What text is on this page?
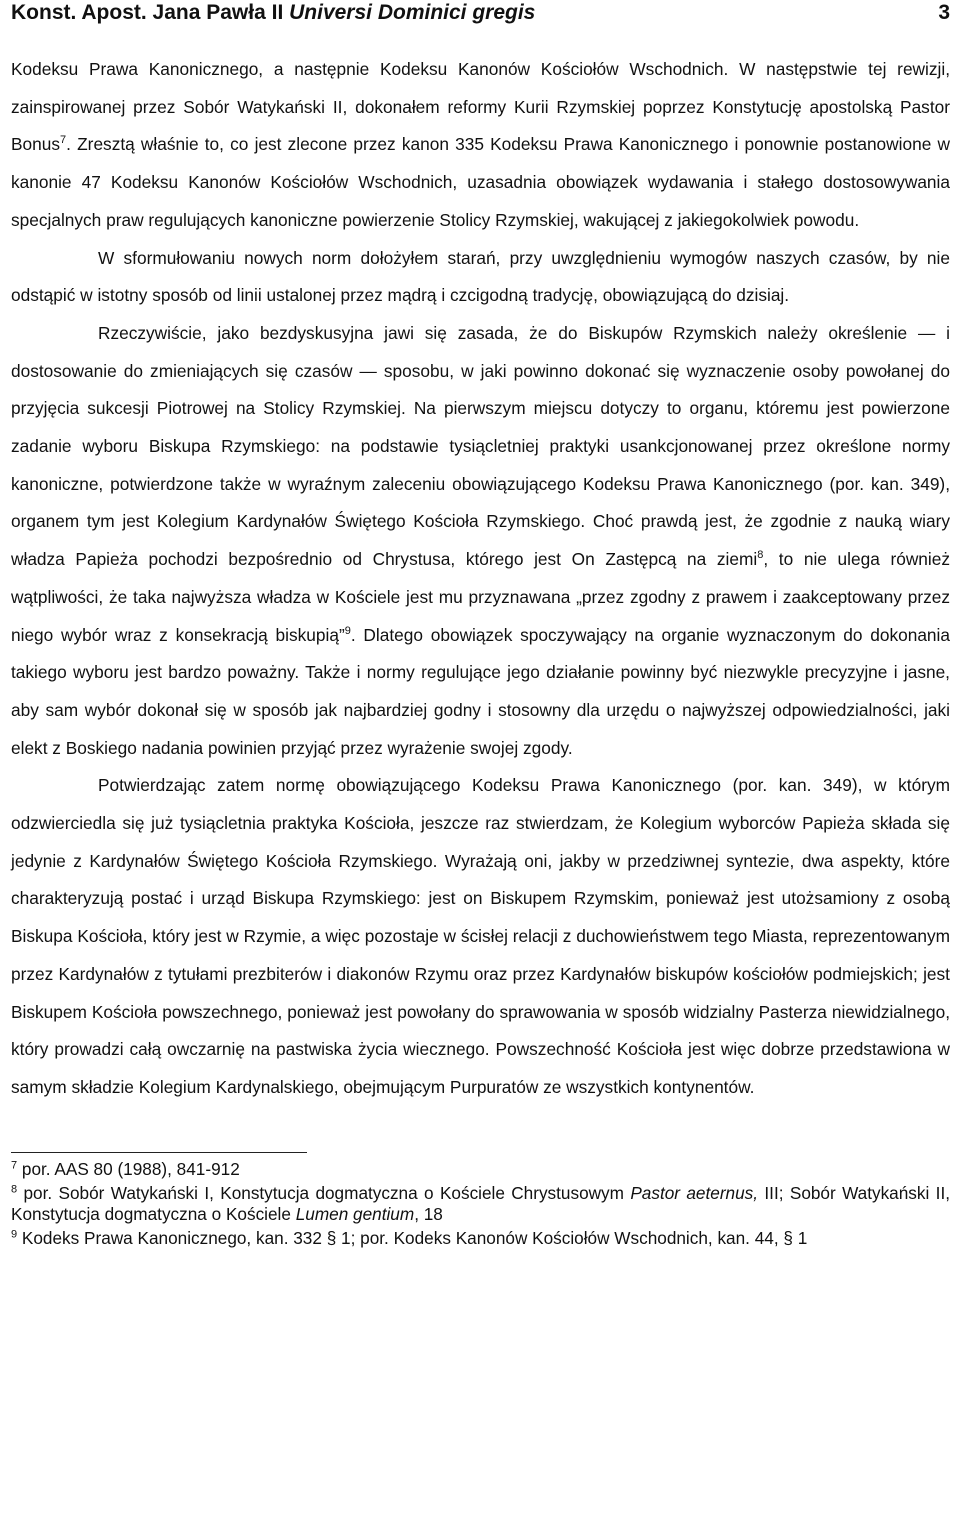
Konst. Apost. Jana Pawła II Universi Dominici gregis	3

Kodeksu Prawa Kanonicznego, a następnie Kodeksu Kanonów Kościołów Wschodnich. W następstwie tej rewizji, zainspirowanej przez Sobór Watykański II, dokonałem reformy Kurii Rzymskiej poprzez Konstytucję apostolską Pastor Bonus$^7$. Zresztą właśnie to, co jest zlecone przez kanon 335 Kodeksu Prawa Kanonicznego i ponownie postanowione w kanonie 47 Kodeksu Kanonów Kościołów Wschodnich, uzasadnia obowiązek wydawania i stałego dostosowywania specjalnych praw regulujących kanoniczne powierzenie Stolicy Rzymskiej, wakującej z jakiegokolwiek powodu.

W sformułowaniu nowych norm dołożyłem starań, przy uwzględnieniu wymogów naszych czasów, by nie odstąpić w istotny sposób od linii ustalonej przez mądrą i czcigodną tradycję, obowiązującą do dzisiaj.

Rzeczywiście, jako bezdyskusyjna jawi się zasada, że do Biskupów Rzymskich należy określenie — i dostosowanie do zmieniających się czasów — sposobu, w jaki powinno dokonać się wyznaczenie osoby powołanej do przyjęcia sukcesji Piotrowej na Stolicy Rzymskiej. Na pierwszym miejscu dotyczy to organu, któremu jest powierzone zadanie wyboru Biskupa Rzymskiego: na podstawie tysiącletniej praktyki usankcjonowanej przez określone normy kanoniczne, potwierdzone także w wyraźnym zaleceniu obowiązującego Kodeksu Prawa Kanonicznego (por. kan. 349), organem tym jest Kolegium Kardynałów Świętego Kościoła Rzymskiego. Choć prawdą jest, że zgodnie z nauką wiary władza Papieża pochodzi bezpośrednio od Chrystusa, którego jest On Zastępcą na ziemi$^8$, to nie ulega również wątpliwości, że taka najwyższa władza w Kościele jest mu przyznawana „przez zgodny z prawem i zaakceptowany przez niego wybór wraz z konsekracją biskupią”$^9$. Dlatego obowiązek spoczywający na organie wyznaczonym do dokonania takiego wyboru jest bardzo poważny. Także i normy regulujące jego działanie powinny być niezwykle precyzyjne i jasne, aby sam wybór dokonał się w sposób jak najbardziej godny i stosowny dla urzędu o najwyższej odpowiedzialności, jaki elekt z Boskiego nadania powinien przyjąć przez wyrażenie swojej zgody.

Potwierdzając zatem normę obowiązującego Kodeksu Prawa Kanonicznego (por. kan. 349), w którym odzwierciedla się już tysiącletnia praktyka Kościoła, jeszcze raz stwierdzam, że Kolegium wyborców Papieża składa się jedynie z Kardynałów Świętego Kościoła Rzymskiego. Wyrażają oni, jakby w przedziwnej syntezie, dwa aspekty, które charakteryzują postać i urząd Biskupa Rzymskiego: jest on Biskupem Rzymskim, ponieważ jest utożsamiony z osobą Biskupa Kościoła, który jest w Rzymie, a więc pozostaje w ścisłej relacji z duchowieństwem tego Miasta, reprezentowanym przez Kardynałów z tytułami prezbiterów i diakonów Rzymu oraz przez Kardynałów biskupów kościołów podmiejskich; jest Biskupem Kościoła powszechnego, ponieważ jest powołany do sprawowania w sposób widzialny Pasterza niewidzialnego, który prowadzi całą owczarnię na pastwiska życia wiecznego. Powszechność Kościoła jest więc dobrze przedstawiona w samym składzie Kolegium Kardynalskiego, obejmującym Purpuratów ze wszystkich kontynentów.

$^7$ por. AAS 80 (1988), 841-912

$^8$ por. Sobór Watykański I, Konstytucja dogmatyczna o Kościele Chrystusowym Pastor aeternus, III; Sobór Watykański II, Konstytucja dogmatyczna o Kościele Lumen gentium, 18

$^9$ Kodeks Prawa Kanonicznego, kan. 332 § 1; por. Kodeks Kanonów Kościołów Wschodnich, kan. 44, § 1
